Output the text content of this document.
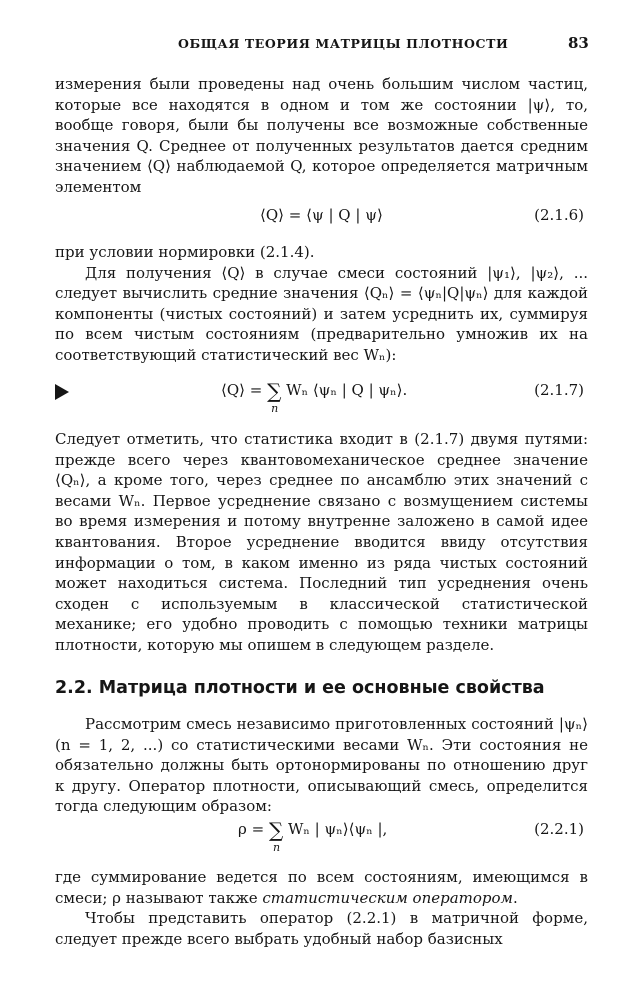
ОБЩАЯ ТЕОРИЯ МАТРИЦЫ ПЛОТНОСТИ	83

измерения были проведены над очень большим числом частиц, которые все находятся в одном и том же состоянии |ψ⟩, то, вообще говоря, были бы получены все возможные собственные значения Q. Среднее от полученных результатов дается средним значением ⟨Q⟩ наблюдаемой Q, которое определяется матричным элементом

⟨Q⟩ = ⟨ψ | Q | ψ⟩	(2.1.6)

при условии нормировки (2.1.4).

Для получения ⟨Q⟩ в случае смеси состояний |ψ₁⟩, |ψ₂⟩, ... следует вычислить средние значения ⟨Qₙ⟩ = ⟨ψₙ|Q|ψₙ⟩ для каждой компоненты (чистых состояний) и затем усреднить их, суммируя по всем чистым состояниям (предварительно умножив их на соответствующий статистический вес Wₙ):

⟨Q⟩ = ∑
n
Wₙ ⟨ψₙ | Q | ψₙ⟩.	(2.1.7)

Следует отметить, что статистика входит в (2.1.7) двумя путями: прежде всего через квантовомеханическое среднее значение ⟨Qₙ⟩, а кроме того, через среднее по ансамблю этих значений с весами Wₙ. Первое усреднение связано с возмущением системы во время измерения и потому внутренне заложено в самой идее квантования. Второе усреднение вводится ввиду отсутствия информации о том, в каком именно из ряда чистых состояний может находиться система. Последний тип усреднения очень сходен с используемым в классической статистической механике; его удобно проводить с помощью техники матрицы плотности, которую мы опишем в следующем разделе.

2.2. Матрица плотности и ее основные свойства

Рассмотрим смесь независимо приготовленных состояний |ψₙ⟩ (n = 1, 2, ...) со статистическими весами Wₙ. Эти состояния не обязательно должны быть ортонормированы по отношению друг к другу. Оператор плотности, описывающий смесь, определится тогда следующим образом:

ρ = ∑
n
Wₙ | ψₙ⟩⟨ψₙ |,	(2.2.1)

где суммирование ведется по всем состояниям, имеющимся в смеси; ρ называют также статистическим оператором.

Чтобы представить оператор (2.2.1) в матричной форме, следует прежде всего выбрать удобный набор базисных
